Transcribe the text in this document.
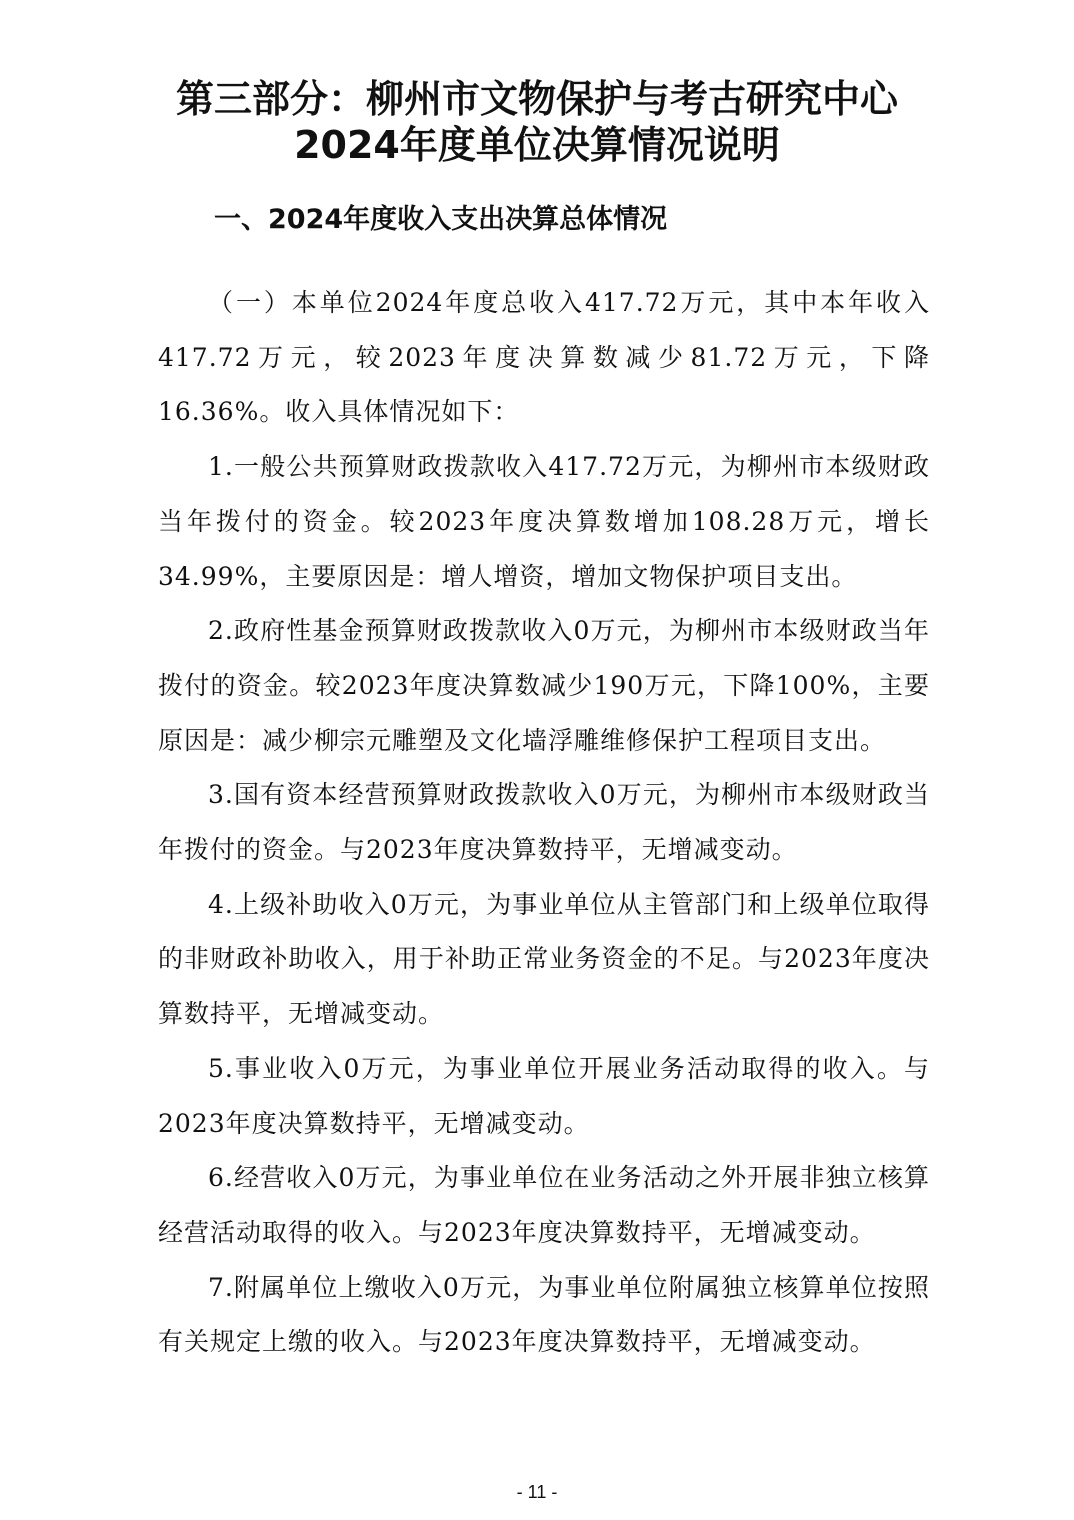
第三部分：柳州市文物保护与考古研究中心
2024年度单位决算情况说明
一、2024年度收入支出决算总体情况

（一）本单位2024年度总收入417.72万元，其中本年收入417.72万元，较2023年度决算数减少81.72万元，下降16.36%。收入具体情况如下：

1.一般公共预算财政拨款收入417.72万元，为柳州市本级财政当年拨付的资金。较2023年度决算数增加108.28万元，增长34.99%，主要原因是：增人增资，增加文物保护项目支出。

2.政府性基金预算财政拨款收入0万元，为柳州市本级财政当年拨付的资金。较2023年度决算数减少190万元，下降100%，主要原因是：减少柳宗元雕塑及文化墙浮雕维修保护工程项目支出。

3.国有资本经营预算财政拨款收入0万元，为柳州市本级财政当年拨付的资金。与2023年度决算数持平，无增减变动。

4.上级补助收入0万元，为事业单位从主管部门和上级单位取得的非财政补助收入，用于补助正常业务资金的不足。与2023年度决算数持平，无增减变动。

5.事业收入0万元，为事业单位开展业务活动取得的收入。与2023年度决算数持平，无增减变动。

6.经营收入0万元，为事业单位在业务活动之外开展非独立核算经营活动取得的收入。与2023年度决算数持平，无增减变动。

7.附属单位上缴收入0万元，为事业单位附属独立核算单位按照有关规定上缴的收入。与2023年度决算数持平，无增减变动。

- 11 -
